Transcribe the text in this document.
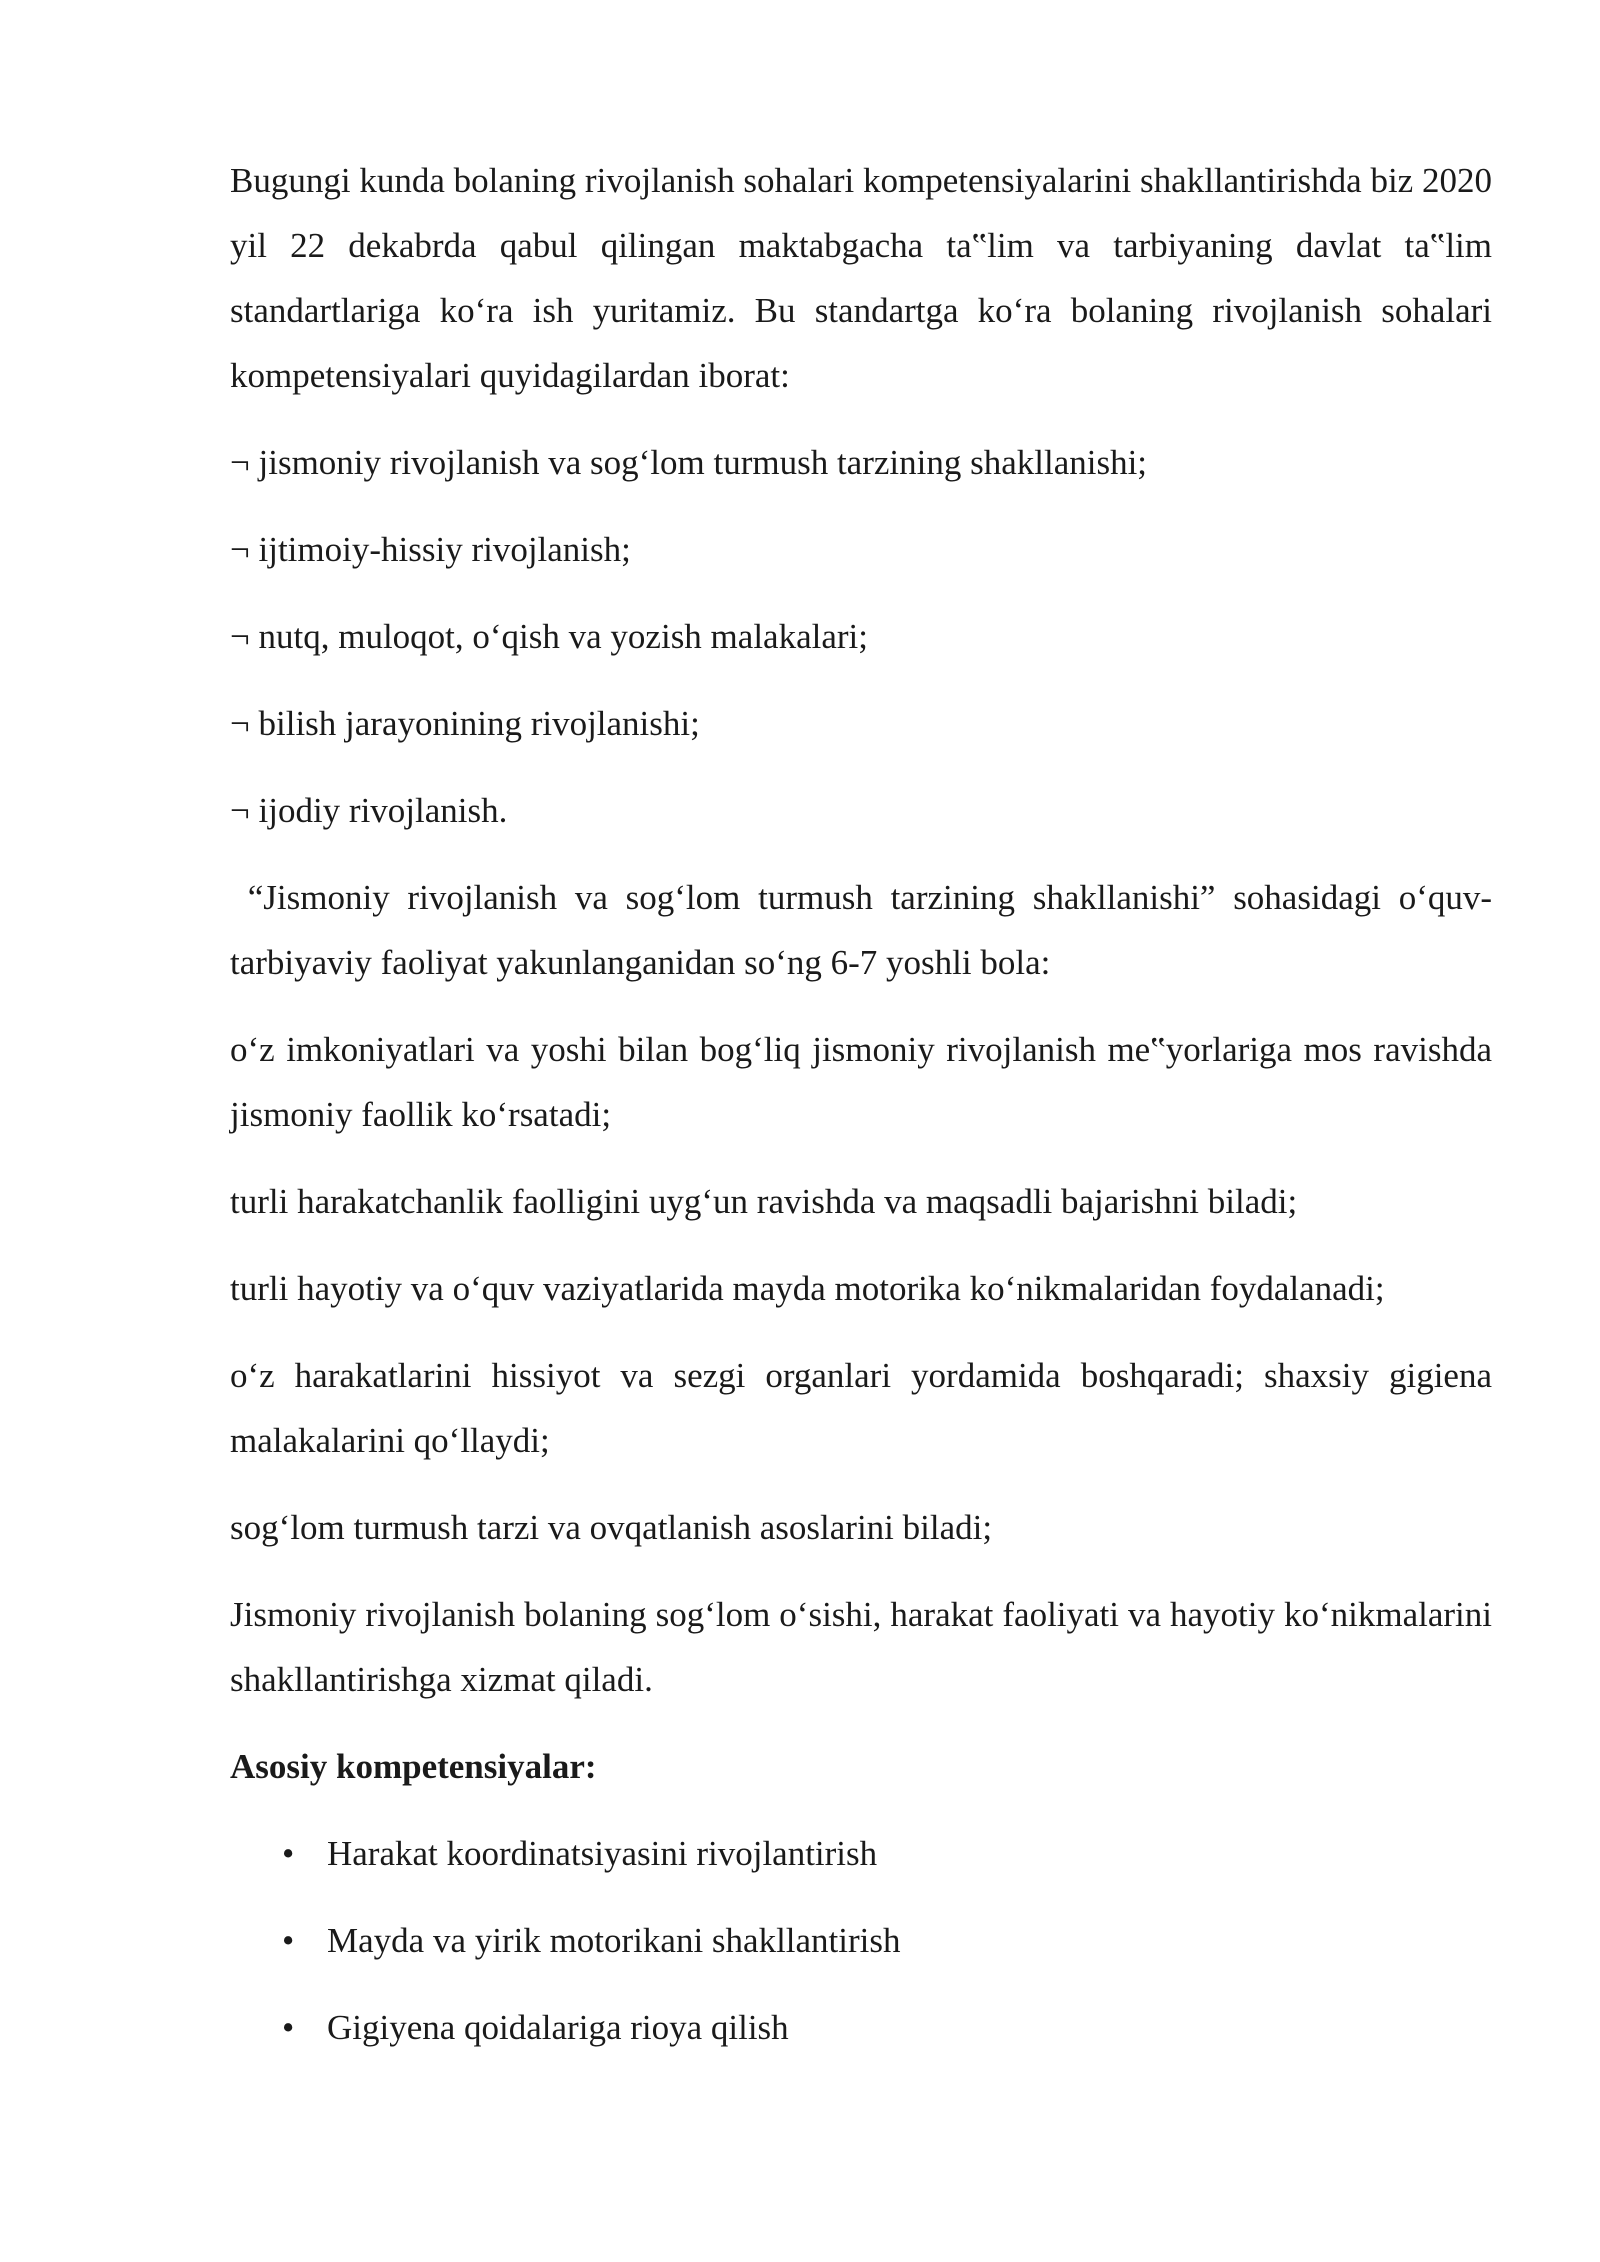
Bugungi kunda bolaning rivojlanish sohalari kompetensiyalarini shakllantirishda biz 2020 yil 22 dekabrda qabul qilingan maktabgacha ta‟lim va tarbiyaning davlat ta‟lim standartlariga ko‘ra ish yuritamiz. Bu standartga ko‘ra bolaning rivojlanish sohalari kompetensiyalari quyidagilardan iborat:

¬ jismoniy rivojlanish va sog‘lom turmush tarzining shakllanishi;
¬ ijtimoiy-hissiy rivojlanish;
¬ nutq, muloqot, o‘qish va yozish malakalari;
¬ bilish jarayonining rivojlanishi;
¬ ijodiy rivojlanish.

“Jismoniy rivojlanish va sog‘lom turmush tarzining shakllanishi” sohasidagi o‘quv-tarbiyaviy faoliyat yakunlanganidan so‘ng 6-7 yoshli bola:

o‘z imkoniyatlari va yoshi bilan bog‘liq jismoniy rivojlanish me‟yorlariga mos ravishda jismoniy faollik ko‘rsatadi;

turli harakatchanlik faolligini uyg‘un ravishda va maqsadli bajarishni biladi;

turli hayotiy va o‘quv vaziyatlarida mayda motorika ko‘nikmalaridan foydalanadi;

o‘z harakatlarini hissiyot va sezgi organlari yordamida boshqaradi; shaxsiy gigiena malakalarini qo‘llaydi;

sog‘lom turmush tarzi va ovqatlanish asoslarini biladi;

Jismoniy rivojlanish bolaning sog‘lom o‘sishi, harakat faoliyati va hayotiy ko‘nikmalarini shakllantirishga xizmat qiladi.

Asosiy kompetensiyalar:

• Harakat koordinatsiyasini rivojlantirish
• Mayda va yirik motorikani shakllantirish
• Gigiyena qoidalariga rioya qilish
